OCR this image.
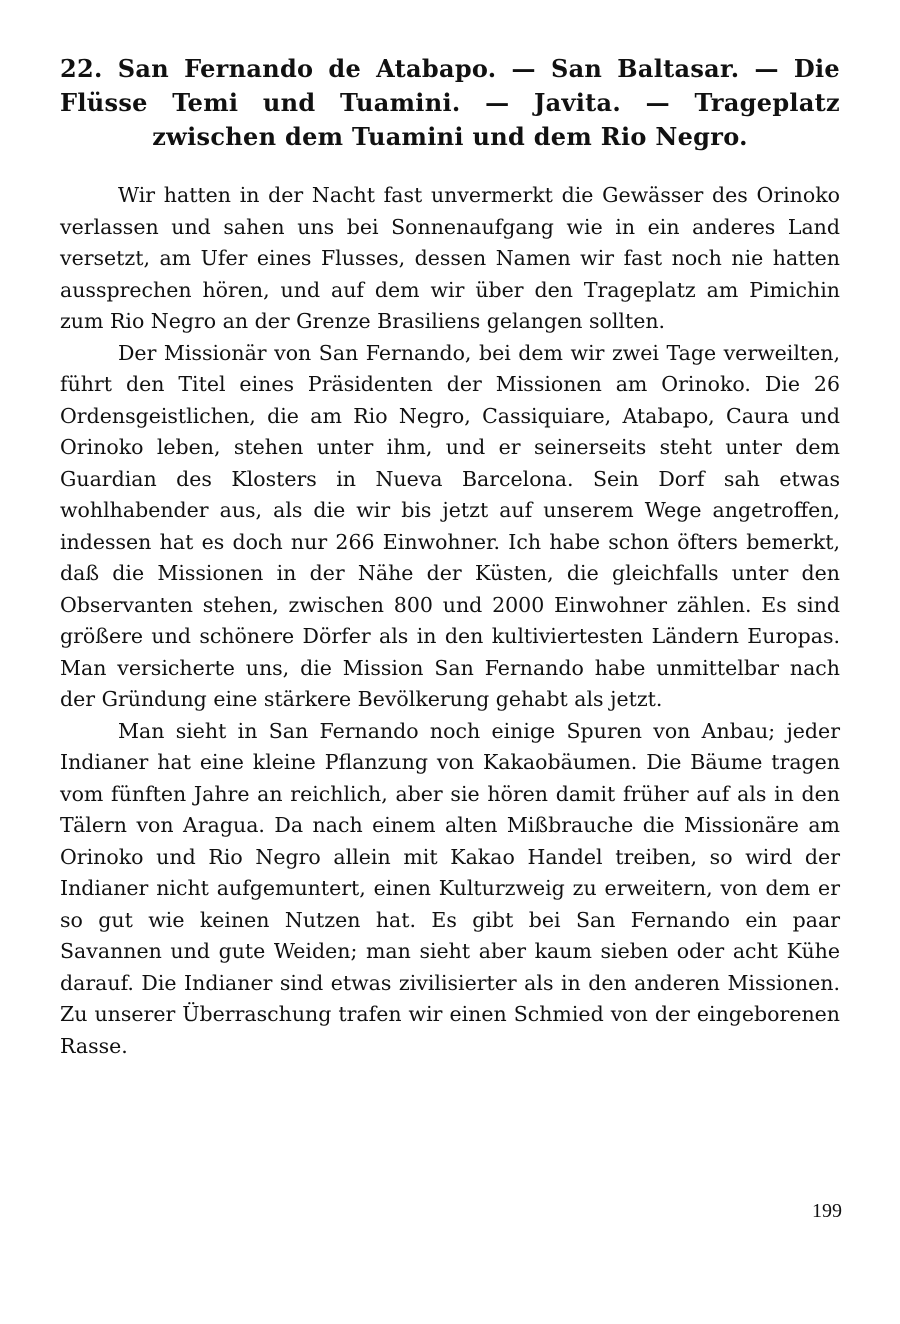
22. San Fernando de Atabapo. — San Baltasar. — Die Flüsse Temi und Tuamini. — Javita. — Trageplatz zwischen dem Tuamini und dem Rio Negro.

Wir hatten in der Nacht fast unvermerkt die Gewässer des Orinoko verlassen und sahen uns bei Sonnenaufgang wie in ein anderes Land versetzt, am Ufer eines Flusses, dessen Namen wir fast noch nie hatten aussprechen hören, und auf dem wir über den Trageplatz am Pimichin zum Rio Negro an der Grenze Brasiliens gelangen sollten.

Der Missionär von San Fernando, bei dem wir zwei Tage verweilten, führt den Titel eines Präsidenten der Missionen am Orinoko. Die 26 Ordensgeistlichen, die am Rio Negro, Cassiquiare, Atabapo, Caura und Orinoko leben, stehen unter ihm, und er seinerseits steht unter dem Guardian des Klosters in Nueva Barcelona. Sein Dorf sah etwas wohlhabender aus, als die wir bis jetzt auf unserem Wege angetroffen, indessen hat es doch nur 266 Einwohner. Ich habe schon öfters bemerkt, daß die Missionen in der Nähe der Küsten, die gleichfalls unter den Observanten stehen, zwischen 800 und 2000 Einwohner zählen. Es sind größere und schönere Dörfer als in den kultiviertesten Ländern Europas. Man versicherte uns, die Mission San Fernando habe unmittelbar nach der Gründung eine stärkere Bevölkerung gehabt als jetzt.

Man sieht in San Fernando noch einige Spuren von Anbau; jeder Indianer hat eine kleine Pflanzung von Kakaobäumen. Die Bäume tragen vom fünften Jahre an reichlich, aber sie hören damit früher auf als in den Tälern von Aragua. Da nach einem alten Mißbrauche die Missionäre am Orinoko und Rio Negro allein mit Kakao Handel treiben, so wird der Indianer nicht aufgemuntert, einen Kulturzweig zu erweitern, von dem er so gut wie keinen Nutzen hat. Es gibt bei San Fernando ein paar Savannen und gute Weiden; man sieht aber kaum sieben oder acht Kühe darauf. Die Indianer sind etwas zivilisierter als in den anderen Missionen. Zu unserer Überraschung trafen wir einen Schmied von der eingeborenen Rasse.

199
